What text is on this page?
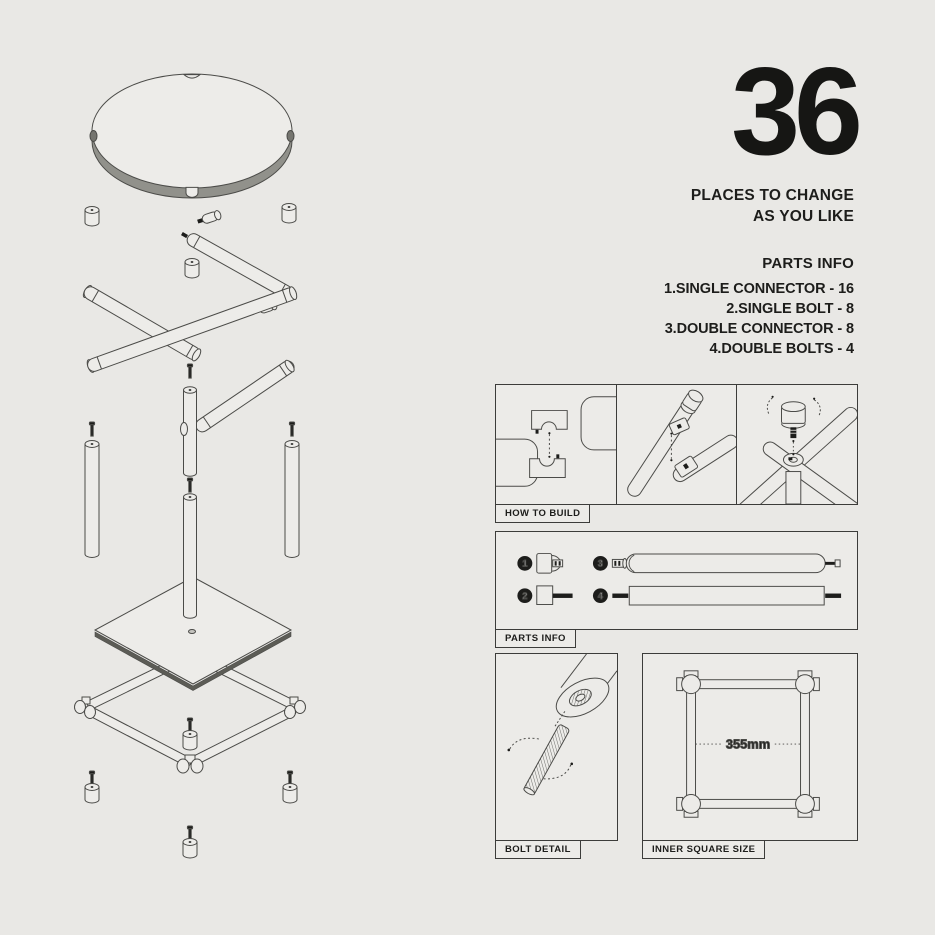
36
PLACES TO CHANGE
AS YOU LIKE
PARTS INFO
1.SINGLE CONNECTOR - 16
2.SINGLE BOLT - 8
3.DOUBLE CONNECTOR - 8
4.DOUBLE BOLTS - 4
HOW TO BUILD
1
2
3
4
PARTS INFO
BOLT DETAIL
355mm
INNER SQUARE SIZE
